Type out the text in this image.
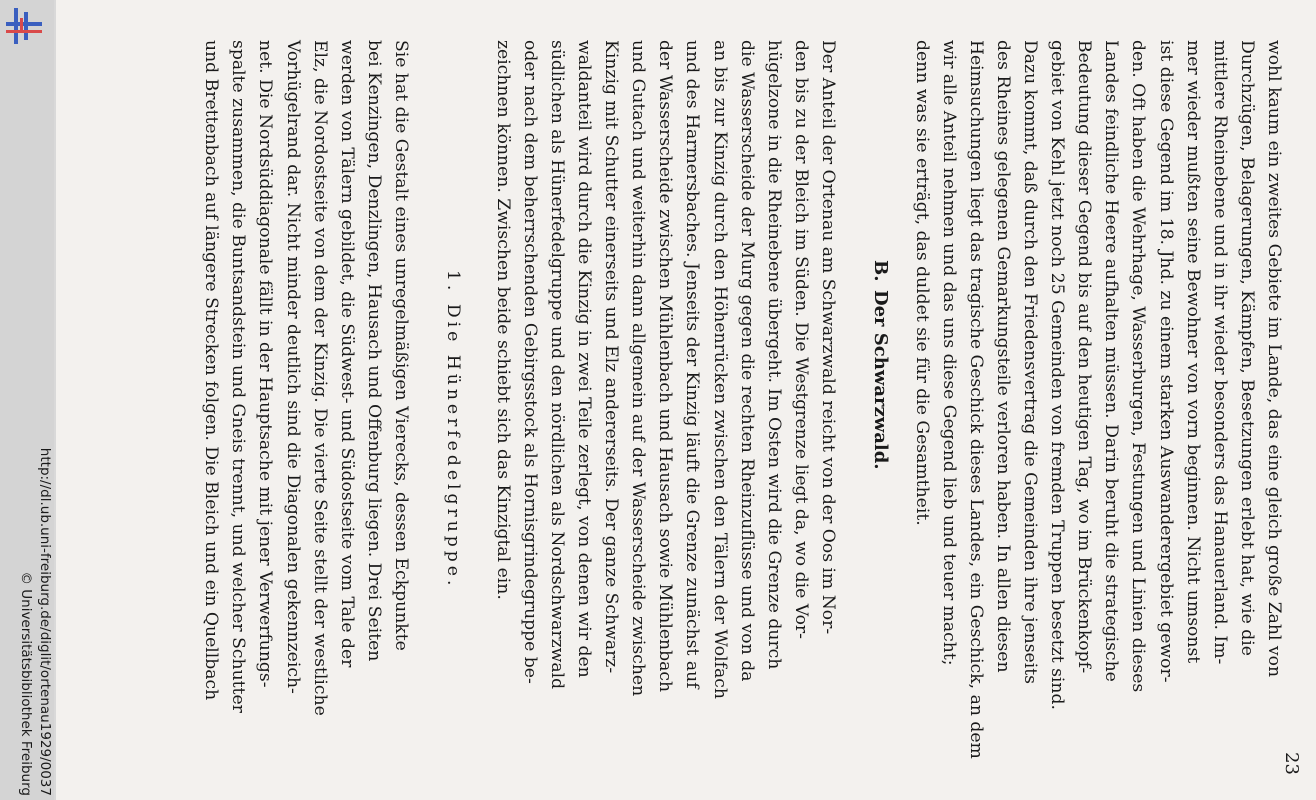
http://dl.ub.uni-freiburg.de/diglit/ortenau1929/0037
© Universitätsbibliothek Freiburg	23
wohl kaum ein zweites Gebiete im Lande, das eine gleich große Zahl von
Durchzügen, Belagerungen, Kämpfen, Besetzungen erlebt hat, wie die
mittlere Rheinebene und in ihr wieder besonders das Hanauerland. Im-
mer wieder mußten seine Bewohner von vorn beginnen. Nicht umsonst
ist diese Gegend im 18. Jhd. zu einem starken Auswanderergebiet gewor-
den. Oft haben die Wehrhage, Wasserburgen, Festungen und Linien dieses
Landes feindliche Heere aufhalten müssen. Darin beruht die strategische
Bedeutung dieser Gegend bis auf den heutigen Tag, wo im Brückenkopf-
gebiet von Kehl jetzt noch 25 Gemeinden von fremden Truppen besetzt sind.
Dazu kommt, daß durch den Friedensvertrag die Gemeinden ihre jenseits
des Rheines gelegenen Gemarkungsteile verloren haben. In allen diesen
Heimsuchungen liegt das tragische Geschick dieses Landes, ein Geschick, an dem
wir alle Anteil nehmen und das uns diese Gegend lieb und teuer macht;
denn was sie erträgt, das duldet sie für die Gesamtheit.
B.
Der Schwarzwald.
Der Anteil der Ortenau am Schwarzwald reicht von der Oos im Nor-
den bis zu der Bleich im Süden. Die Westgrenze liegt da, wo die Vor-
hügelzone in die Rheinebene übergeht. Im Osten wird die Grenze durch
die Wasserscheide der Murg gegen die rechten Rheinzuflüsse und von da
an bis zur Kinzig durch den Höhenrücken zwischen den Tälern der Wolfach
und des Harmersbaches. Jenseits der Kinzig läuft die Grenze zunächst auf
der Wasserscheide zwischen Mühlenbach und Hausach sowie Mühlenbach
und Gutach und weiterhin dann allgemein auf der Wasserscheide zwischen
Kinzig mit Schutter einerseits und Elz andererseits. Der ganze Schwarz-
waldanteil wird durch die Kinzig in zwei Teile zerlegt, von denen wir den
südlichen als Hünerfedelgruppe und den nördlichen als Nordschwarzwald
oder nach dem beherrschenden Gebirgsstock als Hornisgrindegruppe be-
zeichnen können. Zwischen beide schiebt sich das Kinzigtal ein.
1. Die Hünerfedelgruppe.
Sie hat die Gestalt eines unregelmäßigen Vierecks, dessen Eckpunkte
bei Kenzingen, Denzlingen, Hausach und Offenburg liegen. Drei Seiten
werden von Tälern gebildet, die Südwest- und Südostseite vom Tale der
Elz, die Nordostseite von dem der Kinzig. Die vierte Seite stellt der westliche
Vorhügelrand dar. Nicht minder deutlich sind die Diagonalen gekennzeich-
net. Die Nordsüddiagonale fällt in der Hauptsache mit jener Verwerfungs-
spalte zusammen, die Buntsandstein und Gneis trennt, und welcher Schutter
und Brettenbach auf längere Strecken folgen. Die Bleich und ein Quellbach
